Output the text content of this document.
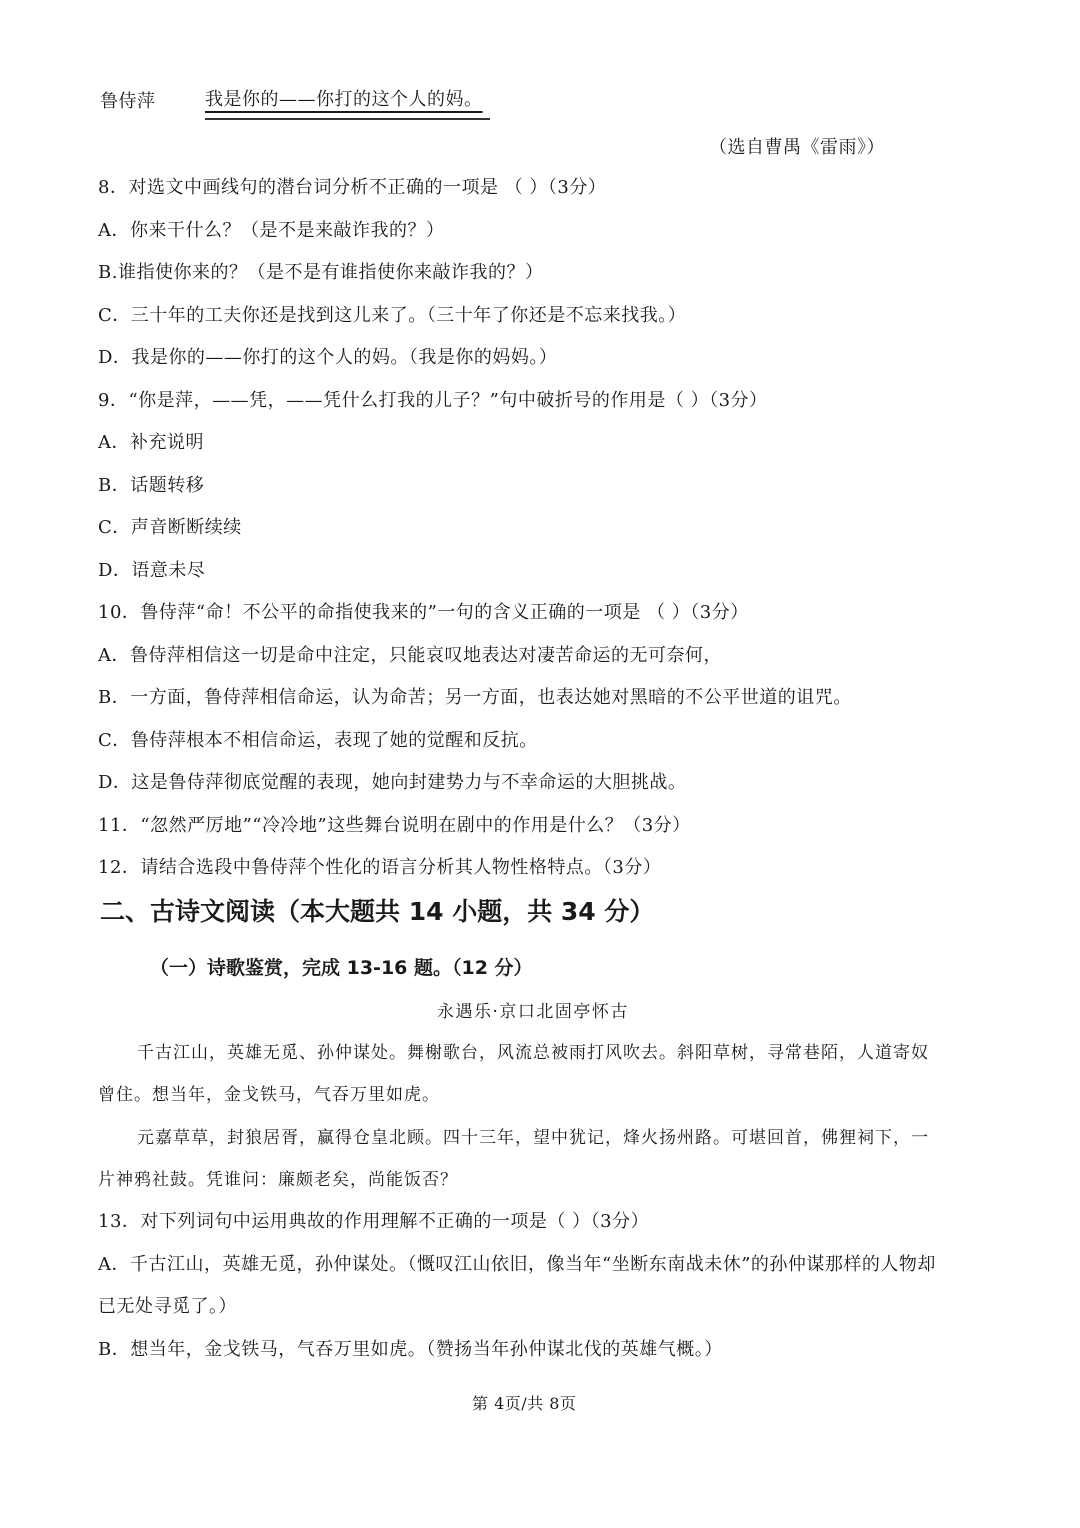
鲁侍萍	我是你的——你打的这个人的妈。
（选自曹禺《雷雨》）
8．对选文中画线句的潜台词分析不正确的一项是 （ ）（3分）
A．你来干什么？（是不是来敲诈我的？）
B.谁指使你来的？（是不是有谁指使你来敲诈我的？）
C．三十年的工夫你还是找到这儿来了。（三十年了你还是不忘来找我。）
D．我是你的——你打的这个人的妈。（我是你的妈妈。）
9．“你是萍，——凭，——凭什么打我的儿子？”句中破折号的作用是（ ）（3分）
A．补充说明
B．话题转移
C．声音断断续续
D．语意未尽
10．鲁侍萍“命！不公平的命指使我来的”一句的含义正确的一项是 （ ）（3分）
A．鲁侍萍相信这一切是命中注定，只能哀叹地表达对凄苦命运的无可奈何，
B．一方面，鲁侍萍相信命运，认为命苦；另一方面，也表达她对黑暗的不公平世道的诅咒。
C．鲁侍萍根本不相信命运，表现了她的觉醒和反抗。
D．这是鲁侍萍彻底觉醒的表现，她向封建势力与不幸命运的大胆挑战。
11．“忽然严厉地”“冷冷地”这些舞台说明在剧中的作用是什么？（3分）
12．请结合选段中鲁侍萍个性化的语言分析其人物性格特点。（3分）
二、古诗文阅读（本大题共 14 小题，共 34 分）
（一）诗歌鉴赏，完成 13-16 题。（12 分）
永遇乐·京口北固亭怀古
千古江山，英雄无觅、孙仲谋处。舞榭歌台，风流总被雨打风吹去。斜阳草树，寻常巷陌，人道寄奴
曾住。想当年，金戈铁马，气吞万里如虎。
元嘉草草，封狼居胥，赢得仓皇北顾。四十三年，望中犹记，烽火扬州路。可堪回首，佛狸祠下，一
片神鸦社鼓。凭谁问：廉颇老矣，尚能饭否？
13．对下列词句中运用典故的作用理解不正确的一项是（ ）（3分）
A．千古江山，英雄无觅，孙仲谋处。（慨叹江山依旧，像当年“坐断东南战未休”的孙仲谋那样的人物却
已无处寻觅了。）
B．想当年，金戈铁马，气吞万里如虎。（赞扬当年孙仲谋北伐的英雄气概。）
第 4页/共 8页
